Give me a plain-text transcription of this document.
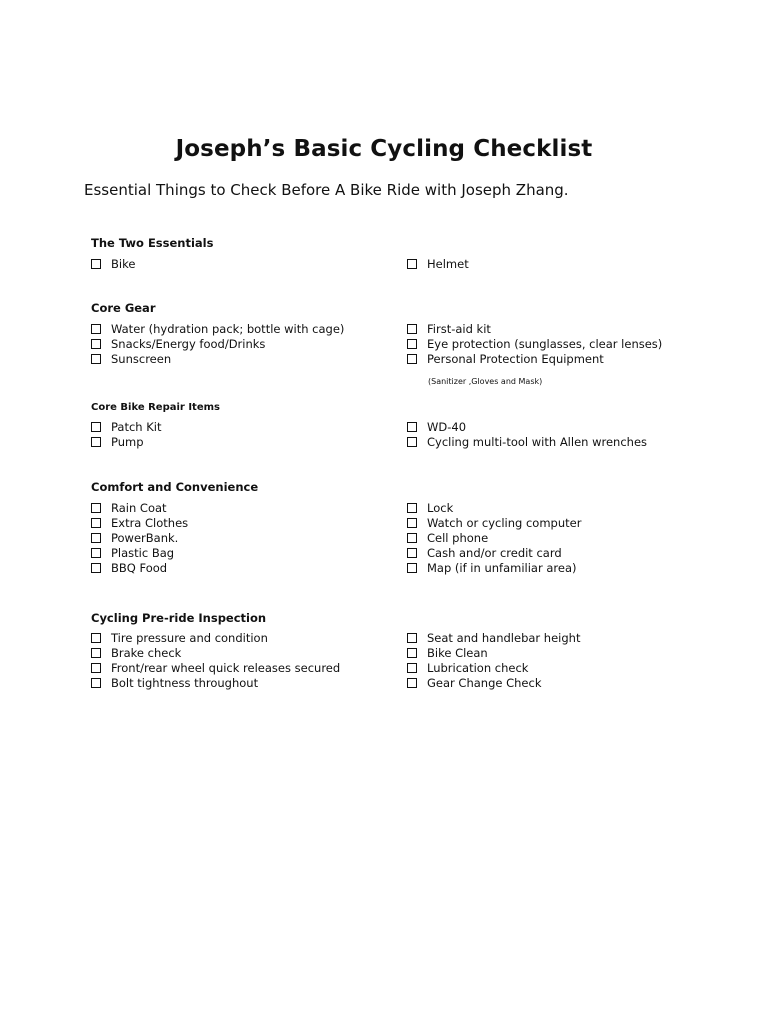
Joseph’s Basic Cycling Checklist

Essential Things to Check Before A Bike Ride with Joseph Zhang.

The Two Essentials
Bike	Helmet
Core Gear
Water (hydration pack; bottle with cage)
Snacks/Energy food/Drinks
Sunscreen
First-aid kit
Eye protection (sunglasses, clear lenses)
Personal Protection Equipment
(Sanitizer ,Gloves and Mask)
Core Bike Repair Items
Patch Kit
Pump
WD-40
Cycling multi-tool with Allen wrenches
Comfort and Convenience
Rain Coat
Extra Clothes
PowerBank.
Plastic Bag
BBQ Food
Lock
Watch or cycling computer
Cell phone
Cash and/or credit card
Map (if in unfamiliar area)
Cycling Pre-ride Inspection
Tire pressure and condition
Brake check
Front/rear wheel quick releases secured
Bolt tightness throughout
Seat and handlebar height
Bike Clean
Lubrication check
Gear Change Check
